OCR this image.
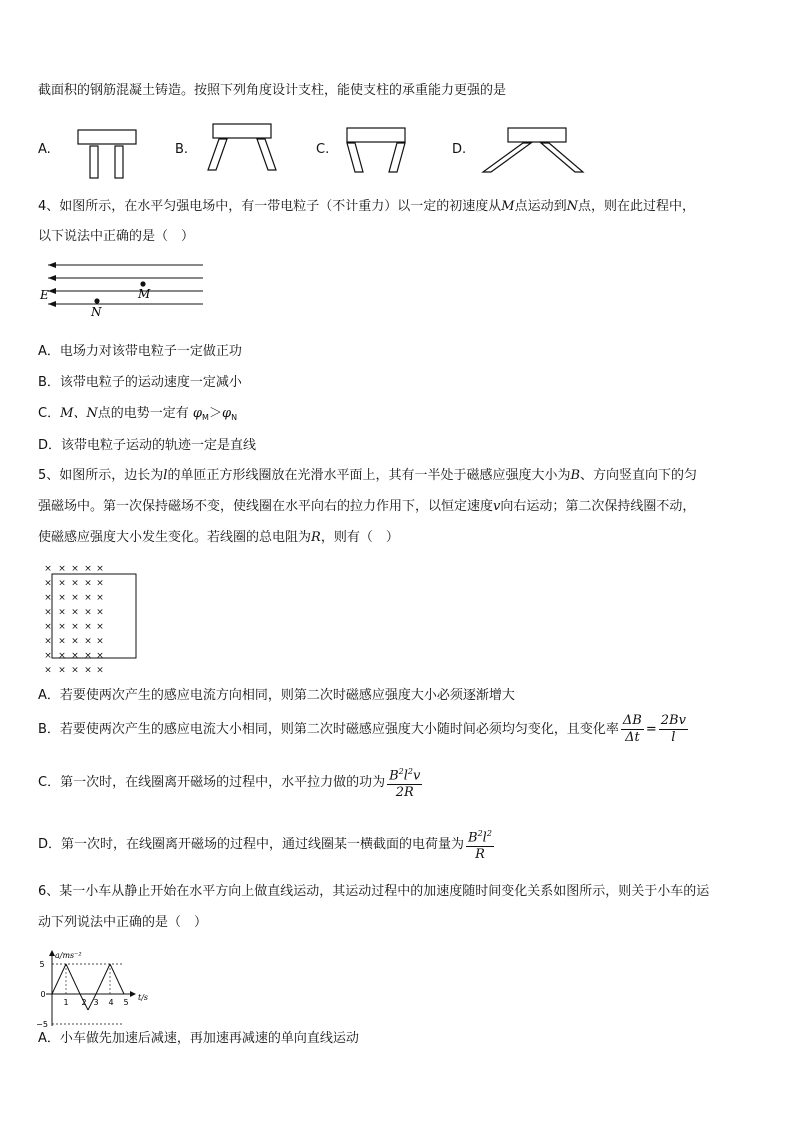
截面积的钢筋混凝土铸造。按照下列角度设计支柱，能使支柱的承重能力更强的是
A.	B.	C.	D.
4、如图所示，在水平匀强电场中，有一带电粒子（不计重力）以一定的初速度从M点运动到N点，则在此过程中，
以下说法中正确的是（　）
E	M
N
A．电场力对该带电粒子一定做正功
B．该带电粒子的运动速度一定减小
C．M、N点的电势一定有 $\varphi_M>\varphi_N$
D．该带电粒子运动的轨迹一定是直线
5、如图所示，边长为l的单匝正方形线圈放在光滑水平面上，其有一半处于磁感应强度大小为B、方向竖直向下的匀
强磁场中。第一次保持磁场不变，使线圈在水平向右的拉力作用下，以恒定速度v向右运动；第二次保持线圈不动，
使磁感应强度大小发生变化。若线圈的总电阻为R，则有（　）
× × × × ×
× × × × ×
× × × × ×
× × × × ×
× × × × ×
× × × × ×
× × × × ×
× × × × ×
A．若要使两次产生的感应电流方向相同，则第二次时磁感应强度大小必须逐渐增大
B．若要使两次产生的感应电流大小相同，则第二次时磁感应强度大小随时间必须均匀变化，且变化率 $\frac{\Delta B}{\Delta t} = \frac{2Bv}{l}$
C．第一次时，在线圈离开磁场的过程中，水平拉力做的功为 $\frac{B^2l^2v}{2R}$
D．第一次时，在线圈离开磁场的过程中，通过线圈某一横截面的电荷量为 $\frac{B^2l^2}{R}$
6、某一小车从静止开始在水平方向上做直线运动，其运动过程中的加速度随时间变化关系如图所示，则关于小车的运
动下列说法中正确的是（　）
a/ms⁻²
t/s
5
0
−5
1 2 3 4 5
A．小车做先加速后减速，再加速再减速的单向直线运动
